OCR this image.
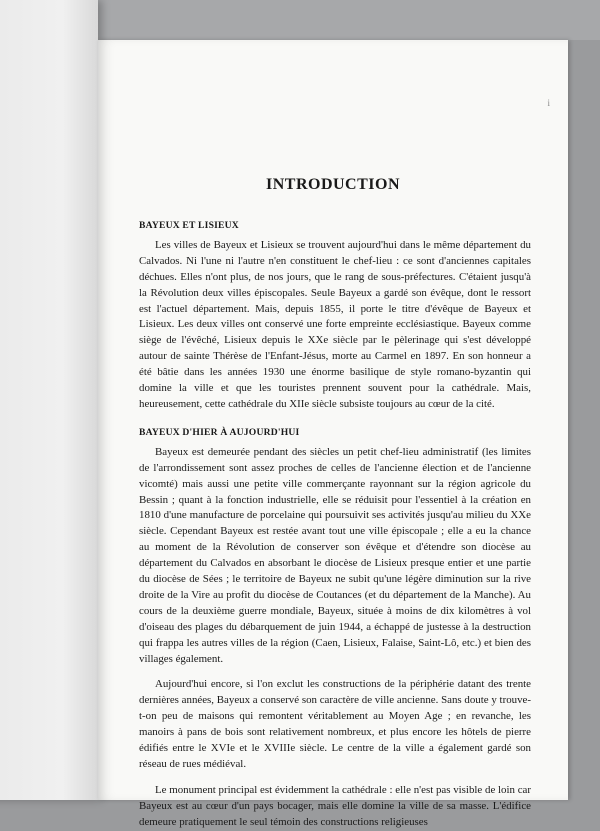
i
INTRODUCTION
BAYEUX ET LISIEUX

Les villes de Bayeux et Lisieux se trouvent aujourd'hui dans le même département du Calvados. Ni l'une ni l'autre n'en constituent le chef-lieu : ce sont d'anciennes capitales déchues. Elles n'ont plus, de nos jours, que le rang de sous-préfectures. C'étaient jusqu'à la Révolution deux villes épiscopales. Seule Bayeux a gardé son évêque, dont le ressort est l'actuel département. Mais, depuis 1855, il porte le titre d'évêque de Bayeux et Lisieux. Les deux villes ont conservé une forte empreinte ecclésiastique. Bayeux comme siège de l'évêché, Lisieux depuis le XXe siècle par le pèlerinage qui s'est développé autour de sainte Thérèse de l'Enfant-Jésus, morte au Carmel en 1897. En son honneur a été bâtie dans les années 1930 une énorme basilique de style romano-byzantin qui domine la ville et que les touristes prennent souvent pour la cathédrale. Mais, heureusement, cette cathédrale du XIIe siècle subsiste toujours au cœur de la cité.

BAYEUX D'HIER À AUJOURD'HUI

Bayeux est demeurée pendant des siècles un petit chef-lieu administratif (les limites de l'arrondissement sont assez proches de celles de l'ancienne élection et de l'ancienne vicomté) mais aussi une petite ville commerçante rayonnant sur la région agricole du Bessin ; quant à la fonction industrielle, elle se réduisit pour l'essentiel à la création en 1810 d'une manufacture de porcelaine qui poursuivit ses activités jusqu'au milieu du XXe siècle. Cependant Bayeux est restée avant tout une ville épiscopale ; elle a eu la chance au moment de la Révolution de conserver son évêque et d'étendre son diocèse au département du Calvados en absorbant le diocèse de Lisieux presque entier et une partie du diocèse de Sées ; le territoire de Bayeux ne subit qu'une légère diminution sur la rive droite de la Vire au profit du diocèse de Coutances (et du département de la Manche). Au cours de la deuxième guerre mondiale, Bayeux, située à moins de dix kilomètres à vol d'oiseau des plages du débarquement de juin 1944, a échappé de justesse à la destruction qui frappa les autres villes de la région (Caen, Lisieux, Falaise, Saint-Lô, etc.) et bien des villages également.

Aujourd'hui encore, si l'on exclut les constructions de la périphérie datant des trente dernières années, Bayeux a conservé son caractère de ville ancienne. Sans doute y trouve-t-on peu de maisons qui remontent véritablement au Moyen Age ; en revanche, les manoirs à pans de bois sont relativement nombreux, et plus encore les hôtels de pierre édifiés entre le XVIe et le XVIIIe siècle. Le centre de la ville a également gardé son réseau de rues médiéval.

Le monument principal est évidemment la cathédrale : elle n'est pas visible de loin car Bayeux est au cœur d'un pays bocager, mais elle domine la ville de sa masse. L'édifice demeure pratiquement le seul témoin des constructions religieuses
